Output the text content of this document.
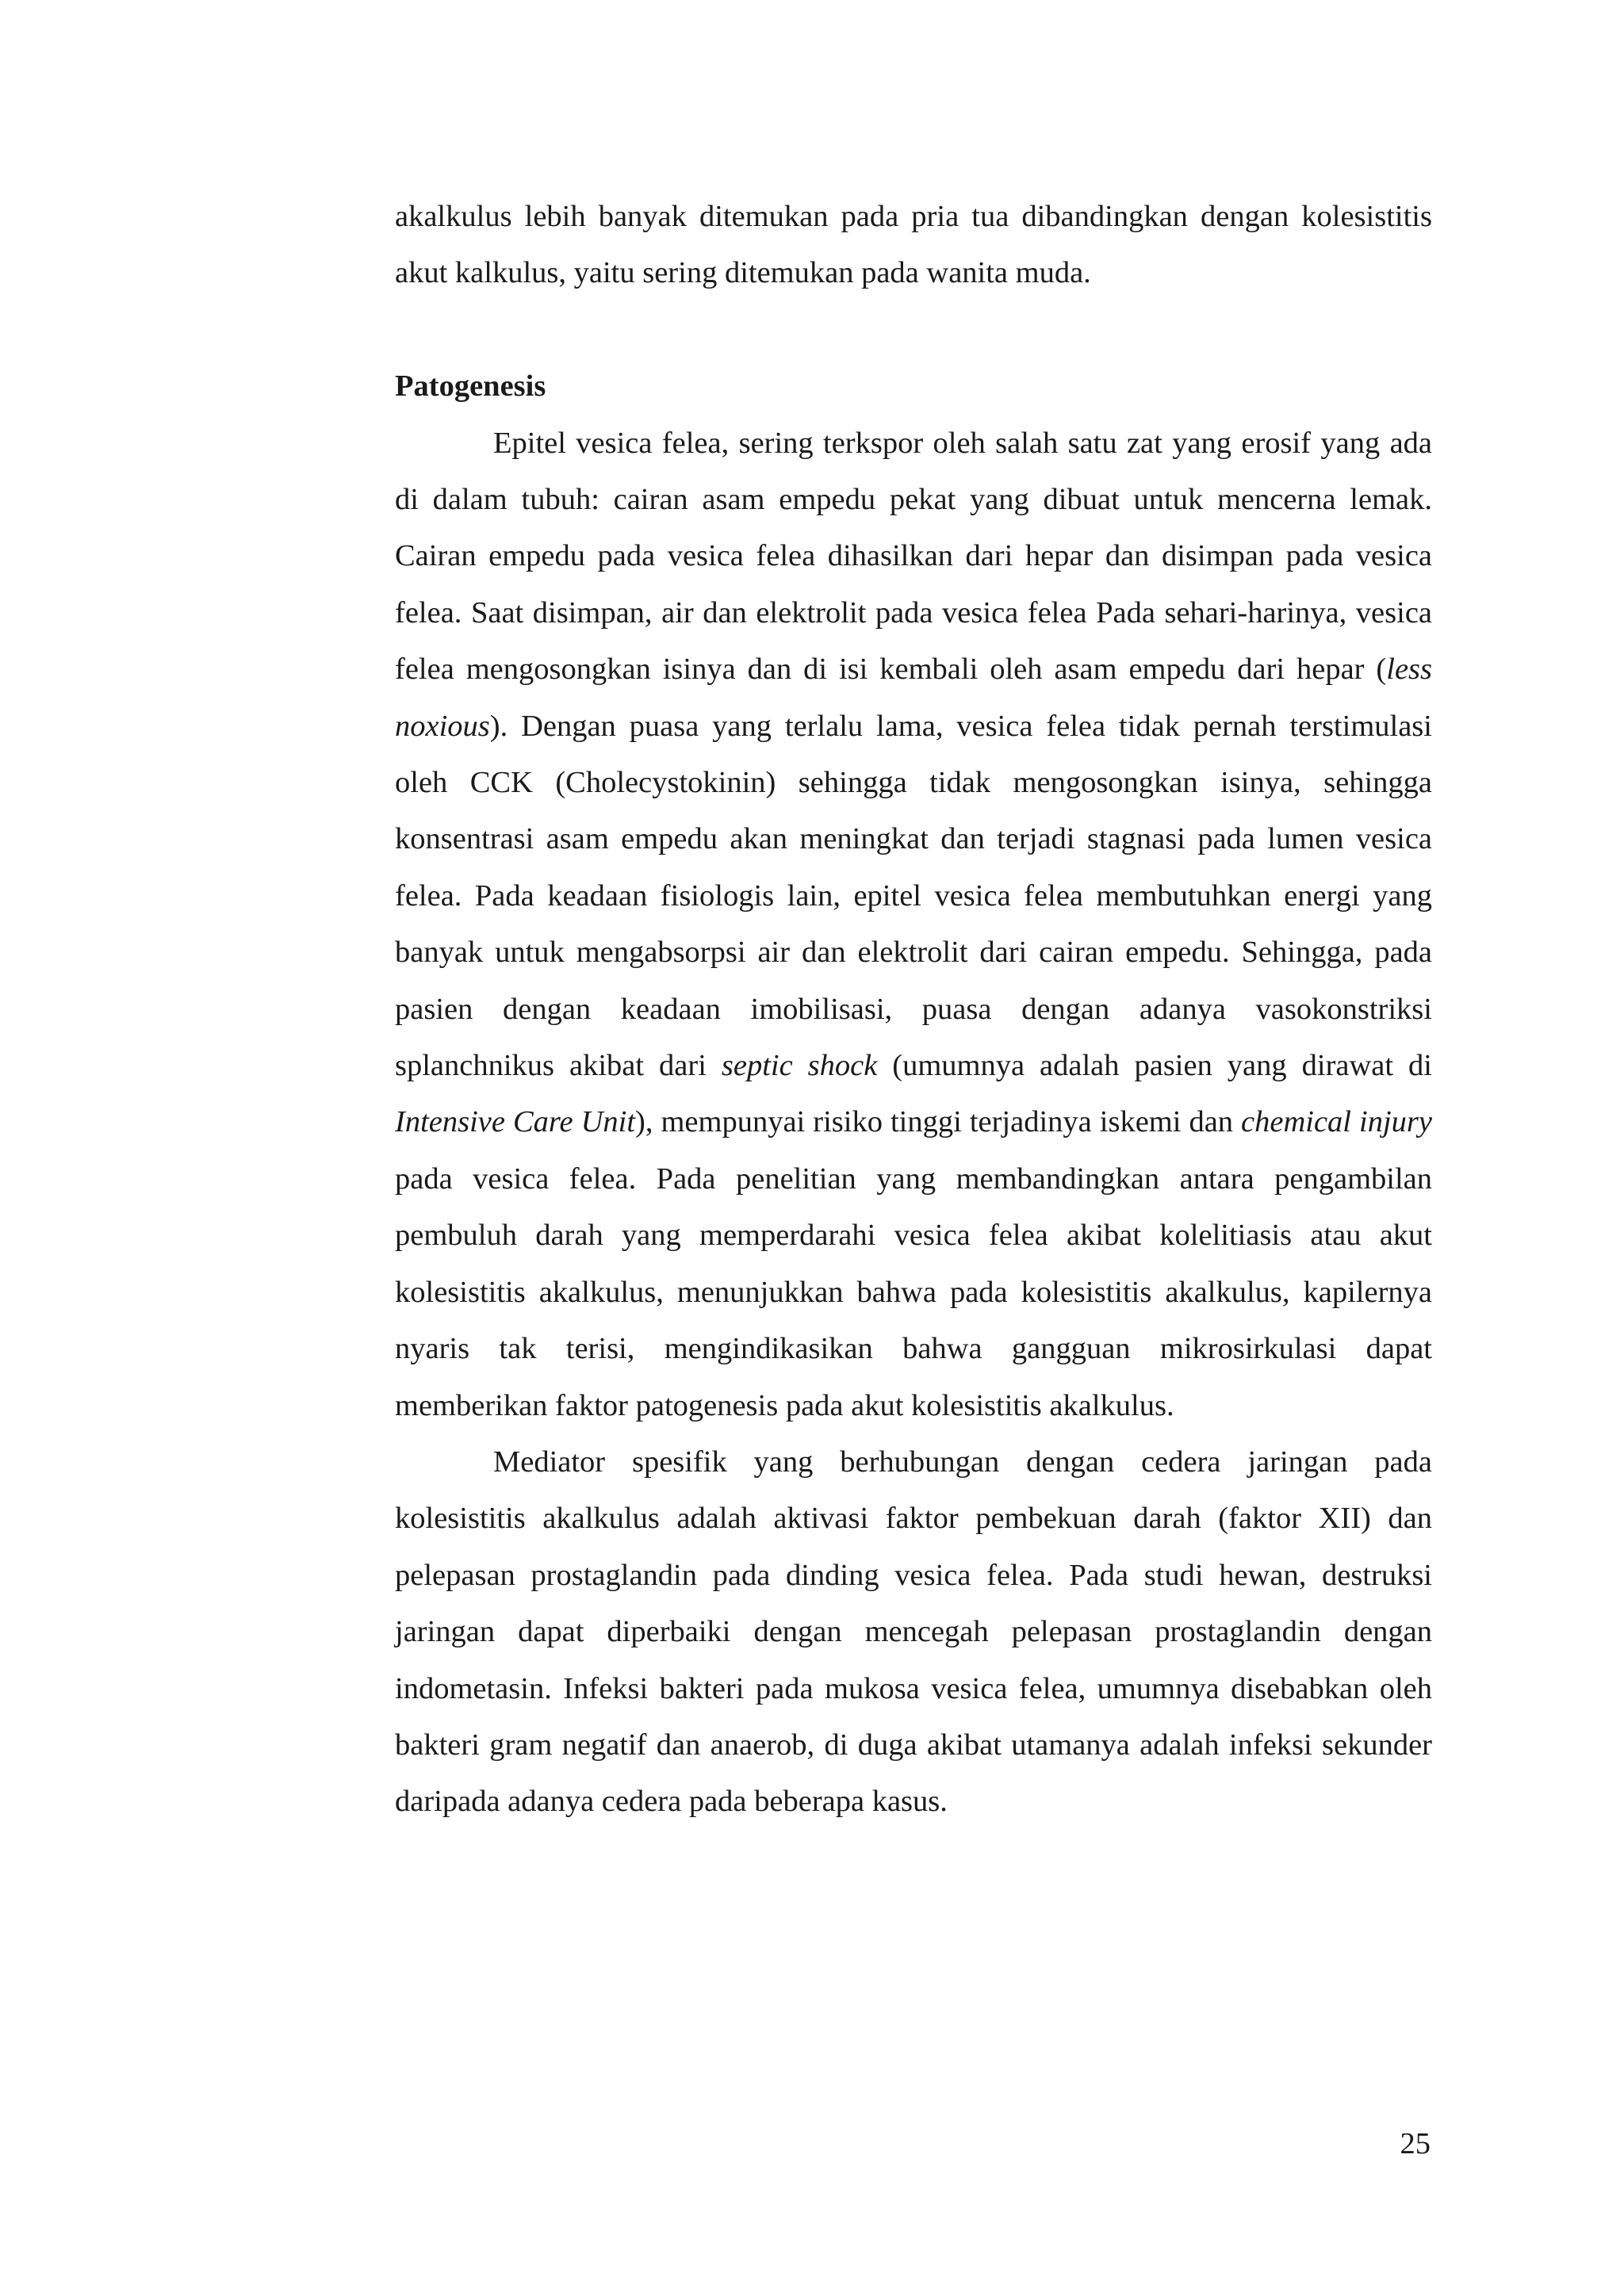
akalkulus lebih banyak ditemukan pada pria tua dibandingkan dengan kolesistitis akut kalkulus, yaitu sering ditemukan pada wanita muda.

Patogenesis

Epitel vesica felea, sering terkspor oleh salah satu zat yang erosif yang ada di dalam tubuh: cairan asam empedu pekat yang dibuat untuk mencerna lemak. Cairan empedu pada vesica felea dihasilkan dari hepar dan disimpan pada vesica felea. Saat disimpan, air dan elektrolit pada vesica felea Pada sehari-harinya, vesica felea mengosongkan isinya dan di isi kembali oleh asam empedu dari hepar (less noxious). Dengan puasa yang terlalu lama, vesica felea tidak pernah terstimulasi oleh CCK (Cholecystokinin) sehingga tidak mengosongkan isinya, sehingga konsentrasi asam empedu akan meningkat dan terjadi stagnasi pada lumen vesica felea. Pada keadaan fisiologis lain, epitel vesica felea membutuhkan energi yang banyak untuk mengabsorpsi air dan elektrolit dari cairan empedu. Sehingga, pada pasien dengan keadaan imobilisasi, puasa dengan adanya vasokonstriksi splanchnikus akibat dari septic shock (umumnya adalah pasien yang dirawat di Intensive Care Unit), mempunyai risiko tinggi terjadinya iskemi dan chemical injury pada vesica felea. Pada penelitian yang membandingkan antara pengambilan pembuluh darah yang memperdarahi vesica felea akibat kolelitiasis atau akut kolesistitis akalkulus, menunjukkan bahwa pada kolesistitis akalkulus, kapilernya nyaris tak terisi, mengindikasikan bahwa gangguan mikrosirkulasi dapat memberikan faktor patogenesis pada akut kolesistitis akalkulus.

Mediator spesifik yang berhubungan dengan cedera jaringan pada kolesistitis akalkulus adalah aktivasi faktor pembekuan darah (faktor XII) dan pelepasan prostaglandin pada dinding vesica felea. Pada studi hewan, destruksi jaringan dapat diperbaiki dengan mencegah pelepasan prostaglandin dengan indometasin. Infeksi bakteri pada mukosa vesica felea, umumnya disebabkan oleh bakteri gram negatif dan anaerob, di duga akibat utamanya adalah infeksi sekunder daripada adanya cedera pada beberapa kasus.

25
